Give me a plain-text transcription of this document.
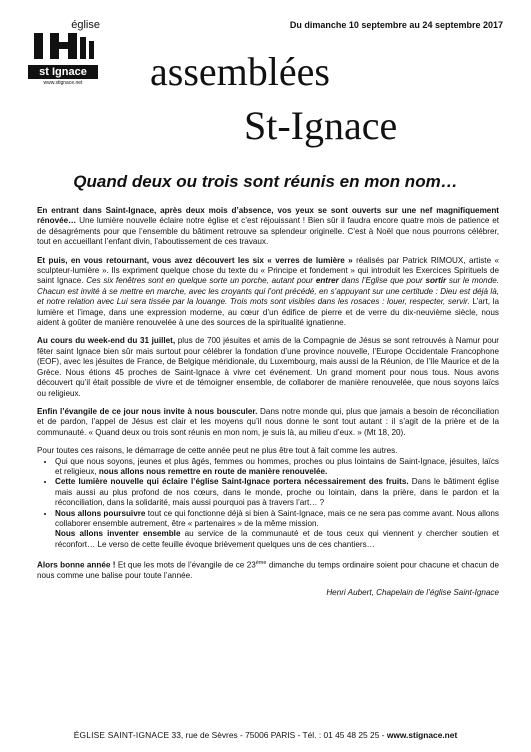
église
st Ignace
www.stignace.net
Du dimanche 10 septembre au 24 septembre 2017
assemblées
St-Ignace
Quand deux ou trois sont réunis en mon nom…

En entrant dans Saint-Ignace, après deux mois d’absence, vos yeux se sont ouverts sur une nef magnifiquement rénovée… Une lumière nouvelle éclaire notre église et c’est réjouissant ! Bien sûr il faudra encore quatre mois de patience et de désagréments pour que l’ensemble du bâtiment retrouve sa splendeur originelle. C’est à Noël que nous pourrons célébrer, tout en accueillant l’enfant divin, l’aboutissement de ces travaux.

Et puis, en vous retournant, vous avez découvert les six « verres de lumière » réalisés par Patrick RIMOUX, artiste « sculpteur-lumière ». Ils expriment quelque chose du texte du « Principe et fondement » qui introduit les Exercices Spirituels de saint Ignace. Ces six fenêtres sont en quelque sorte un porche, autant pour entrer dans l’Eglise que pour sortir sur le monde. Chacun est invité à se mettre en marche, avec les croyants qui l’ont précédé, en s’appuyant sur une certitude : Dieu est déjà là, et notre relation avec Lui sera tissée par la louange. Trois mots sont visibles dans les rosaces : louer, respecter, servir. L’art, la lumière et l’image, dans une expression moderne, au cœur d’un édifice de pierre et de verre du dix-neuvième siècle, nous aident à goûter de manière renouvelée à une des sources de la spiritualité ignatienne.

Au cours du week-end du 31 juillet, plus de 700 jésuites et amis de la Compagnie de Jésus se sont retrouvés à Namur pour fêter saint Ignace bien sûr mais surtout pour célébrer la fondation d’une province nouvelle, l’Europe Occidentale Francophone (EOF), avec les jésuites de France, de Belgique méridionale, du Luxembourg, mais aussi de la Réunion, de l’Ile Maurice et de la Grèce. Nous étions 45 proches de Saint-Ignace à vivre cet événement. Un grand moment pour nous tous. Nous avons découvert qu’il était possible de vivre et de témoigner ensemble, de collaborer de manière renouvelée, que nous soyons laïcs ou religieux.

Enfin l’évangile de ce jour nous invite à nous bousculer. Dans notre monde qui, plus que jamais a besoin de réconciliation et de pardon, l’appel de Jésus est clair et les moyens qu’il nous donne le sont tout autant : il s’agit de la prière et de la communauté. « Quand deux ou trois sont réunis en mon nom, je suis là, au milieu d’eux. » (Mt 18, 20).

Pour toutes ces raisons, le démarrage de cette année peut ne plus être tout à fait comme les autres.

• Qui que nous soyons, jeunes et plus âgés, femmes ou hommes, proches ou plus lointains de Saint-Ignace, jésuites, laïcs et religieux, nous allons nous remettre en route de manière renouvelée.
• Cette lumière nouvelle qui éclaire l’église Saint-Ignace portera nécessairement des fruits. Dans le bâtiment église mais aussi au plus profond de nos cœurs, dans le monde, proche ou lointain, dans la prière, dans le pardon et la réconciliation, dans la solidarité, mais aussi pourquoi pas à travers l’art… ?
• Nous allons poursuivre tout ce qui fonctionne déjà si bien à Saint-Ignace, mais ce ne sera pas comme avant. Nous allons collaborer ensemble autrement, être « partenaires » de la même mission.
Nous allons inventer ensemble au service de la communauté et de tous ceux qui viennent y chercher soutien et réconfort… Le verso de cette feuille évoque brièvement quelques uns de ces chantiers…

Alors bonne année ! Et que les mots de l’évangile de ce 23ème dimanche du temps ordinaire soient pour chacune et chacun de nous comme une balise pour toute l’année.

Henri Aubert, Chapelain de l’église Saint-Ignace
ÉGLISE SAINT-IGNACE 33, rue de Sèvres - 75006 PARIS - Tél. : 01 45 48 25 25 - www.stignace.net
